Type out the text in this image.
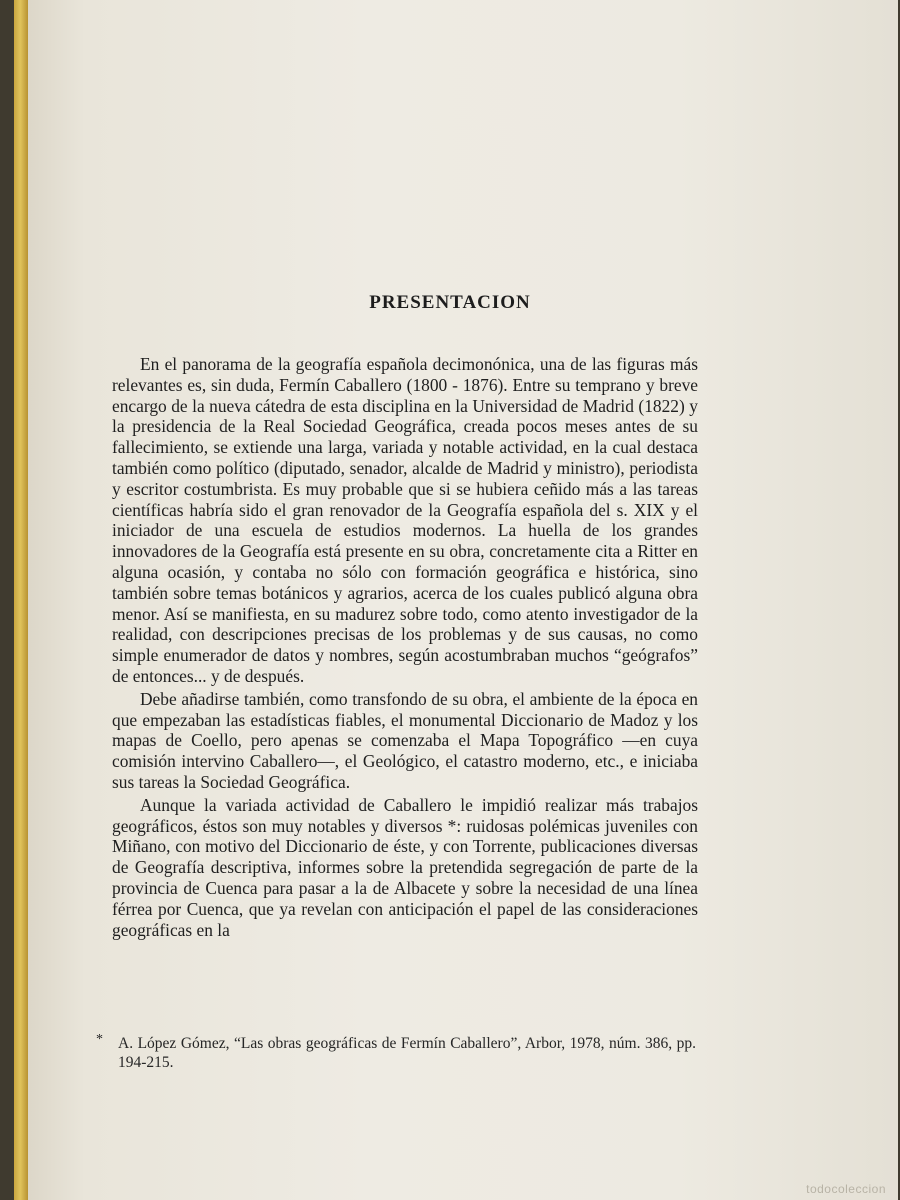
PRESENTACION

En el panorama de la geografía española decimonónica, una de las figuras más relevantes es, sin duda, Fermín Caballero (1800 - 1876). Entre su temprano y breve encargo de la nueva cátedra de esta disciplina en la Universidad de Madrid (1822) y la presidencia de la Real Sociedad Geográfica, creada pocos meses antes de su fallecimiento, se extiende una larga, variada y notable actividad, en la cual destaca también como político (diputado, senador, alcalde de Madrid y ministro), periodista y escritor costumbrista. Es muy probable que si se hubiera ceñido más a las tareas científicas habría sido el gran renovador de la Geografía española del s. XIX y el iniciador de una escuela de estudios modernos. La huella de los grandes innovadores de la Geografía está presente en su obra, concretamente cita a Ritter en alguna ocasión, y contaba no sólo con formación geográfica e histórica, sino también sobre temas botánicos y agrarios, acerca de los cuales publicó alguna obra menor. Así se manifiesta, en su madurez sobre todo, como atento investigador de la realidad, con descripciones precisas de los problemas y de sus causas, no como simple enumerador de datos y nombres, según acostumbraban muchos “geógrafos” de entonces... y de después.

Debe añadirse también, como transfondo de su obra, el ambiente de la época en que empezaban las estadísticas fiables, el monumental Diccionario de Madoz y los mapas de Coello, pero apenas se comenzaba el Mapa Topográfico —en cuya comisión intervino Caballero—, el Geológico, el catastro moderno, etc., e iniciaba sus tareas la Sociedad Geográfica.

Aunque la variada actividad de Caballero le impidió realizar más trabajos geográficos, éstos son muy notables y diversos *: ruidosas polémicas juveniles con Miñano, con motivo del Diccionario de éste, y con Torrente, publicaciones diversas de Geografía descriptiva, informes sobre la pretendida segregación de parte de la provincia de Cuenca para pasar a la de Albacete y sobre la necesidad de una línea férrea por Cuenca, que ya revelan con anticipación el papel de las consideraciones geográficas en la

* A. López Gómez, “Las obras geográficas de Fermín Caballero”, Arbor, 1978, núm. 386, pp. 194-215.
todocoleccion
